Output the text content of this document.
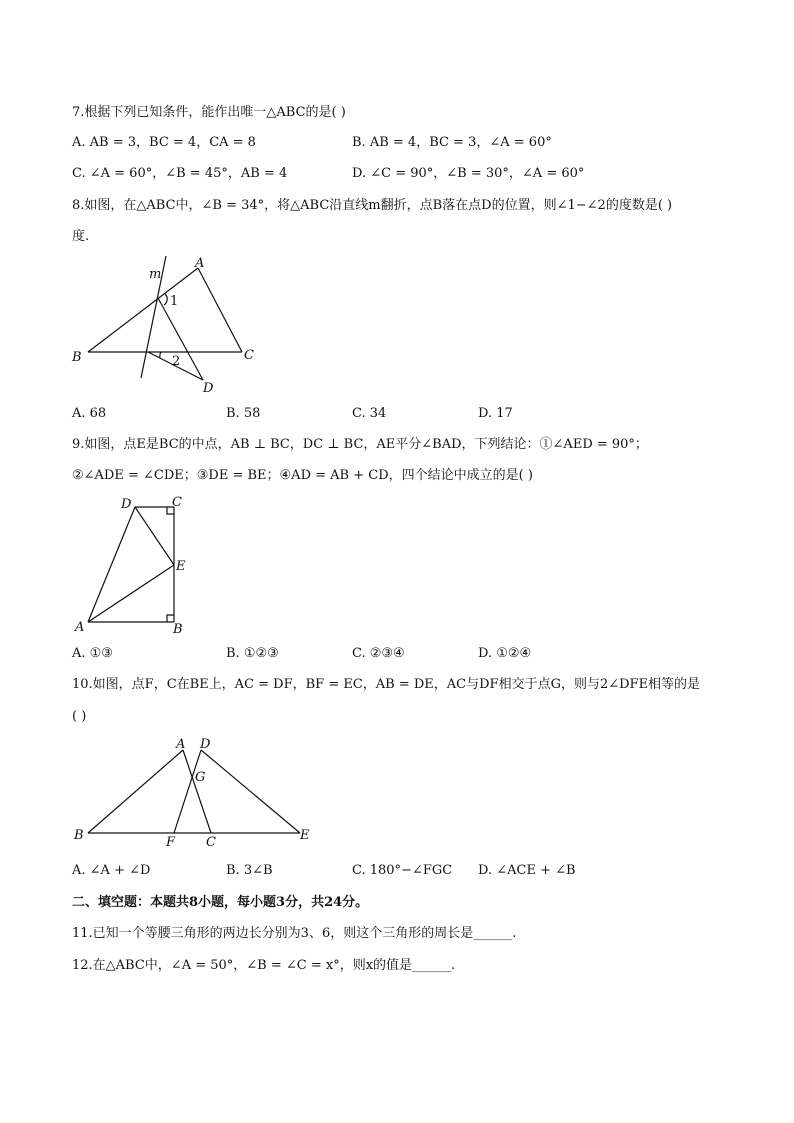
7.根据下列已知条件，能作出唯一△ABC的是( )
A. AB = 3，BC = 4，CA = 8	B. AB = 4，BC = 3，∠A = 60°
C. ∠A = 60°，∠B = 45°，AB = 4	D. ∠C = 90°，∠B = 30°，∠A = 60°
8.如图，在△ABC中，∠B = 34°，将△ABC沿直线m翻折，点B落在点D的位置，则∠1−∠2的度数是( )
度.
m
A
B	C
D
1
2
A. 68	B. 58	C. 34	D. 17
9.如图，点E是BC的中点，AB ⊥ BC，DC ⊥ BC，AE平分∠BAD，下列结论：①∠AED = 90°；
②∠ADE = ∠CDE；③DE = BE；④AD = AB + CD，四个结论中成立的是( )
D	C
E
A	B
A. ①③	B. ①②③	C. ②③④	D. ①②④
10.如图，点F，C在BE上，AC = DF，BF = EC，AB = DE，AC与DF相交于点G，则与2∠DFE相等的是
( )
A D
G
B	F C	E
A. ∠A + ∠D	B. 3∠B	C. 180°−∠FGC D. ∠ACE + ∠B
二、填空题：本题共8小题，每小题3分，共24分。
11.已知一个等腰三角形的两边长分别为3、6，则这个三角形的周长是______.
12.在△ABC中，∠A = 50°，∠B = ∠C = x°，则x的值是______.
